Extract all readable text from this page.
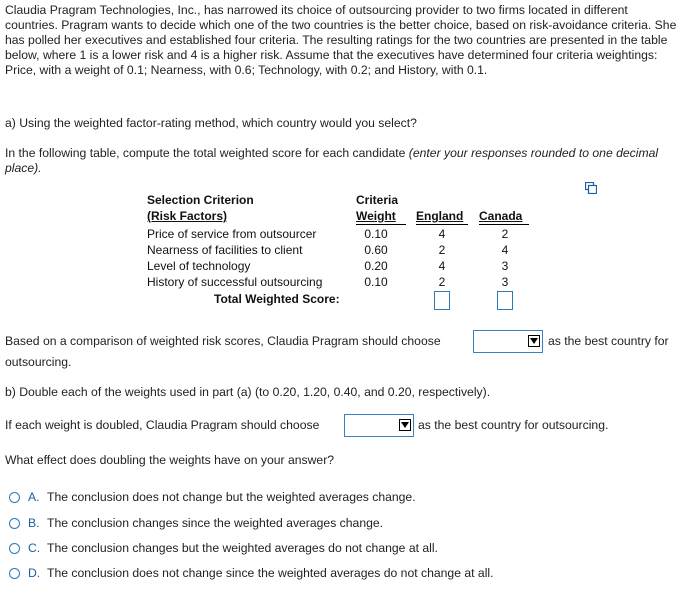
Claudia Pragram Technologies, Inc., has narrowed its choice of outsourcing provider to two firms located in different countries. Pragram wants to decide which one of the two countries is the better choice, based on risk-avoidance criteria. She has polled her executives and established four criteria. The resulting ratings for the two countries are presented in the table below, where 1 is a lower risk and 4 is a higher risk. Assume that the executives have determined four criteria weightings: Price, with a weight of 0.1; Nearness, with 0.6; Technology, with 0.2; and History, with 0.1.
a) Using the weighted factor-rating method, which country would you select?
In the following table, compute the total weighted score for each candidate (enter your responses rounded to one decimal place).
Selection Criterion
(Risk Factors)
Criteria
Weight England Canada
Price of service from outsourcer	0.10	4	2
Nearness of facilities to client	0.60	2	4
Level of technology	0.20	4	3
History of successful outsourcing	0.10	2	3
Total Weighted Score:
Based on a comparison of weighted risk scores, Claudia Pragram should choose	as the best country for
outsourcing.
b) Double each of the weights used in part (a) (to 0.20, 1.20, 0.40, and 0.20, respectively).
If each weight is doubled, Claudia Pragram should choose	as the best country for outsourcing.
What effect does doubling the weights have on your answer?
A. The conclusion does not change but the weighted averages change.
B. The conclusion changes since the weighted averages change.
C. The conclusion changes but the weighted averages do not change at all.
D. The conclusion does not change since the weighted averages do not change at all.
